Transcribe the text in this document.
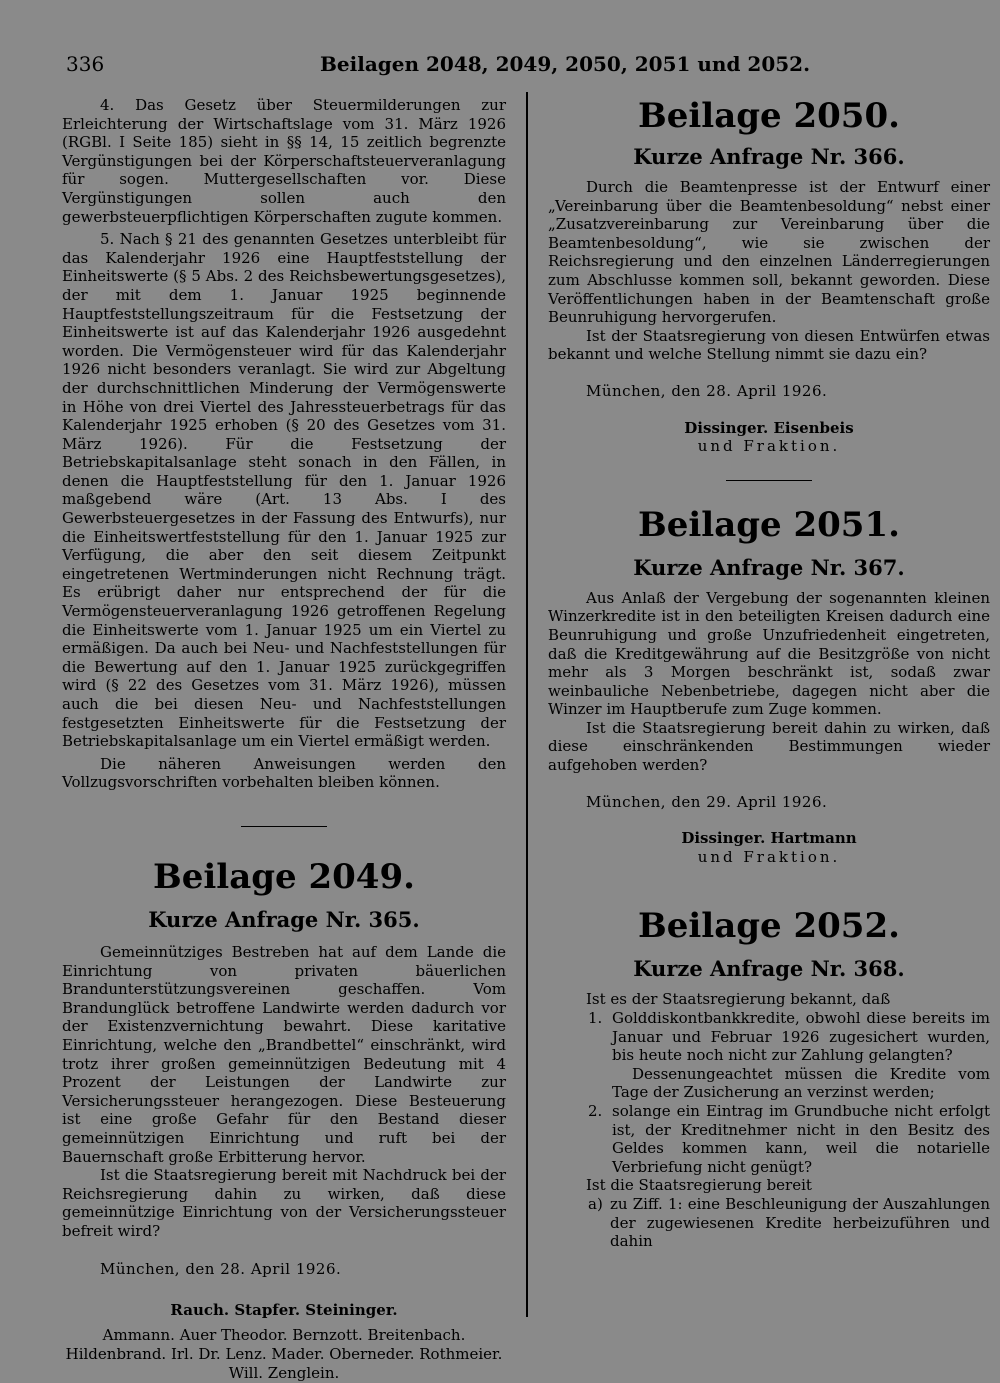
336	Beilagen 2048, 2049, 2050, 2051 und 2052.

4. Das Gesetz über Steuermilderungen zur Erleichterung der Wirtschaftslage vom 31. März 1926 (RGBl. I Seite 185) sieht in §§ 14, 15 zeitlich begrenzte Vergünstigungen bei der Körperschaftsteuerveranlagung für sogen. Muttergesellschaften vor. Diese Vergünstigungen sollen auch den gewerbsteuerpflichtigen Körperschaften zugute kommen.

5. Nach § 21 des genannten Gesetzes unterbleibt für das Kalenderjahr 1926 eine Hauptfeststellung der Einheitswerte (§ 5 Abs. 2 des Reichsbewertungsgesetzes), der mit dem 1. Januar 1925 beginnende Hauptfeststellungszeitraum für die Festsetzung der Einheitswerte ist auf das Kalenderjahr 1926 ausgedehnt worden. Die Vermögensteuer wird für das Kalenderjahr 1926 nicht besonders veranlagt. Sie wird zur Abgeltung der durchschnittlichen Minderung der Vermögenswerte in Höhe von drei Viertel des Jahressteuerbetrags für das Kalenderjahr 1925 erhoben (§ 20 des Gesetzes vom 31. März 1926). Für die Festsetzung der Betriebskapitalsanlage steht sonach in den Fällen, in denen die Hauptfeststellung für den 1. Januar 1926 maßgebend wäre (Art. 13 Abs. I des Gewerbsteuergesetzes in der Fassung des Entwurfs), nur die Einheitswertfeststellung für den 1. Januar 1925 zur Verfügung, die aber den seit diesem Zeitpunkt eingetretenen Wertminderungen nicht Rechnung trägt. Es erübrigt daher nur entsprechend der für die Vermögensteuerveranlagung 1926 getroffenen Regelung die Einheitswerte vom 1. Januar 1925 um ein Viertel zu ermäßigen. Da auch bei Neu- und Nachfeststellungen für die Bewertung auf den 1. Januar 1925 zurückgegriffen wird (§ 22 des Gesetzes vom 31. März 1926), müssen auch die bei diesen Neu- und Nachfeststellungen festgesetzten Einheitswerte für die Festsetzung der Betriebskapitalsanlage um ein Viertel ermäßigt werden.

Die näheren Anweisungen werden den Vollzugsvorschriften vorbehalten bleiben können.

Beilage 2049.
Kurze Anfrage Nr. 365.

Gemeinnütziges Bestreben hat auf dem Lande die Einrichtung von privaten bäuerlichen Brandunterstützungsvereinen geschaffen. Vom Brandunglück betroffene Landwirte werden dadurch vor der Existenzvernichtung bewahrt. Diese karitative Einrichtung, welche den „Brandbettel“ einschränkt, wird trotz ihrer großen gemeinnützigen Bedeutung mit 4 Prozent der Leistungen der Landwirte zur Versicherungssteuer herangezogen. Diese Besteuerung ist eine große Gefahr für den Bestand dieser gemeinnützigen Einrichtung und ruft bei der Bauernschaft große Erbitterung hervor.

Ist die Staatsregierung bereit mit Nachdruck bei der Reichsregierung dahin zu wirken, daß diese gemeinnützige Einrichtung von der Versicherungssteuer befreit wird?

München, den 28. April 1926.

Rauch. Stapfer. Steininger.
Ammann. Auer Theodor. Bernzott. Breitenbach. Hildenbrand. Irl. Dr. Lenz. Mader. Oberneder. Rothmeier. Will. Zenglein.
Beilage 2050.
Kurze Anfrage Nr. 366.

Durch die Beamtenpresse ist der Entwurf einer „Vereinbarung über die Beamtenbesoldung“ nebst einer „Zusatzvereinbarung zur Vereinbarung über die Beamtenbesoldung“, wie sie zwischen der Reichsregierung und den einzelnen Länderregierungen zum Abschlusse kommen soll, bekannt geworden. Diese Veröffentlichungen haben in der Beamtenschaft große Beunruhigung hervorgerufen.

Ist der Staatsregierung von diesen Entwürfen etwas bekannt und welche Stellung nimmt sie dazu ein?

München, den 28. April 1926.

Dissinger. Eisenbeis
und Fraktion.
Beilage 2051.
Kurze Anfrage Nr. 367.

Aus Anlaß der Vergebung der sogenannten kleinen Winzerkredite ist in den beteiligten Kreisen dadurch eine Beunruhigung und große Unzufriedenheit eingetreten, daß die Kreditgewährung auf die Besitzgröße von nicht mehr als 3 Morgen beschränkt ist, sodaß zwar weinbauliche Nebenbetriebe, dagegen nicht aber die Winzer im Hauptberufe zum Zuge kommen.

Ist die Staatsregierung bereit dahin zu wirken, daß diese einschränkenden Bestimmungen wieder aufgehoben werden?

München, den 29. April 1926.

Dissinger. Hartmann
und Fraktion.
Beilage 2052.
Kurze Anfrage Nr. 368.

Ist es der Staatsregierung bekannt, daß

1. Golddiskontbankkredite, obwohl diese bereits im Januar und Februar 1926 zugesichert wurden, bis heute noch nicht zur Zahlung gelangten?
Dessenungeachtet müssen die Kredite vom Tage der Zusicherung an verzinst werden;
2. solange ein Eintrag im Grundbuche nicht erfolgt ist, der Kreditnehmer nicht in den Besitz des Geldes kommen kann, weil die notarielle Verbriefung nicht genügt?

Ist die Staatsregierung bereit

a) zu Ziff. 1: eine Beschleunigung der Auszahlungen der zugewiesenen Kredite herbeizuführen und dahin
